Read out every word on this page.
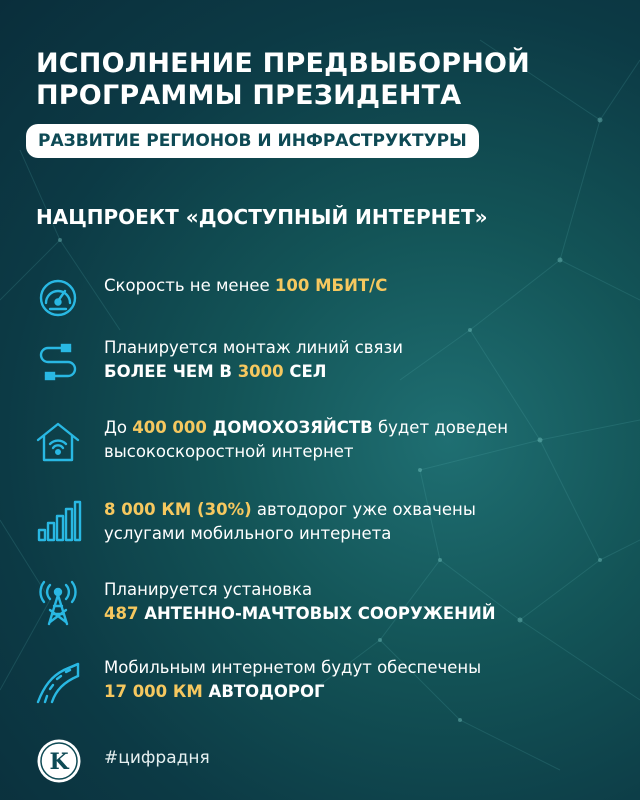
ИСПОЛНЕНИЕ ПРЕДВЫБОРНОЙ ПРОГРАММЫ ПРЕЗИДЕНТА
РАЗВИТИЕ РЕГИОНОВ И ИНФРАСТРУКТУРЫ
НАЦПРОЕКТ «ДОСТУПНЫЙ ИНТЕРНЕТ»
Скорость не менее 100 МБИТ/С
Планируется монтаж линий связи
БОЛЕЕ ЧЕМ В 3000 СЕЛ
До 400 000 ДОМОХОЗЯЙСТВ будет доведен
высокоскоростной интернет
8 000 КМ (30%) автодорог уже охвачены
услугами мобильного интернета
Планируется установка
487 АНТЕННО-МАЧТОВЫХ СООРУЖЕНИЙ
Мобильным интернетом будут обеспечены
17 000 КМ АВТОДОРОГ
K #цифрадня
